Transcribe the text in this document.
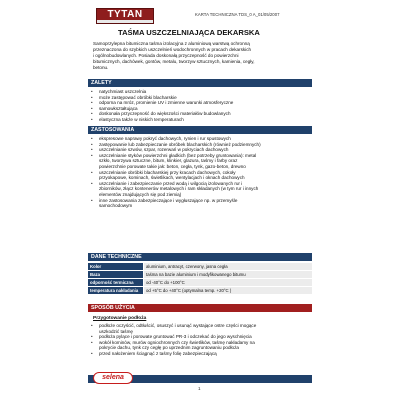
TYTAN	KARTA TECHNICZNA TDS_0 A_01/05/2007
TAŚMA USZCZELNIAJĄCA DEKARSKA
Samoprzylepna bitumiczna taśma izolacyjna z aluminiową warstwą ochronną
przeznaczona do szybkich uszczelnień wodochronnych w pracach dekarskich
i ogólnobudowlanych. Posiada doskonałą przyczepność do powierzchni
bitumicznych, dachówek, gontów, metalu, tworzyw sztucznych, kamienia, cegły,
betonu.
ZALETY
• natychmiast uszczelnia
• może zastępować obróbki blacharskie
• odporna na mróz, promienie UV i zmienne warunki atmosferyczne
• samowkształtująca
• doskonała przyczepność do większości materiałów budowlanych
• elastyczna także w niskich temperaturach
ZASTOSOWANIA
• ekspresowe naprawy pokryć dachowych, rynien i rur spustowych
• zastępowanie lub zabezpieczanie obróbek blacharskich (również podziemnych)
• uszczelnianie szwów, szpar, rozerwań w pokryciach dachowych
• uszczelnianie styków powierzchni gładkich (bez potrzeby gruntowania): metal
szkło, tworzywa sztuczne, bitum, klinkier, glazura, taśmy i farby oraz
powierzchnie porowate takie jak: beton, cegła, tynk, gazo-beton, drewno
• uszczelnianie obróbki blacharskiej przy kracach dachowych, cokoły
przyokapowe, kominach, świetlikach, wentylacjach i oknach dachowych
• uszczelnianie i zabezpieczanie przed wodą i wilgocią izolowanych rur i
zbiorników, złącz kontenerów metalowych i ram składanych (w tym rur i innych
elementów znajdujących się pod ziemią)
• inne zastosowania zabezpieczające i wygłuszające np. w przemyśle
samochodowym
DANE TECHNICZNE
Kolor	aluminium, antracyt, czerwony, jasna cegła
Baza	taśma na bazie aluminium i modyfikowanego bitumu
odporność termiczna	od -40°C do +100°C
temperatura nakładania	od +5°C do +40°C (optymalna temp. +20°C )
SPOSÓB UŻYCIA
Przygotowanie podłoża
• podłoże oczyścić, odtłuścić, osuszyć i usunąć wystające ostre części mogące
uszkodzić taśmę
• podłoża pylące i porowate gruntować PR-3 i odczekać do jego wyschnięcia
• wokół kominów, murów ogniochronnych czy świetlików, taśmę nakładamy na
pokrycie dachu, tynk czy cegłę po uprzednim zagruntowaniu podłoża
• przed nałożeniem ściągnąć z taśmy folię zabezpieczającą
selena
1
